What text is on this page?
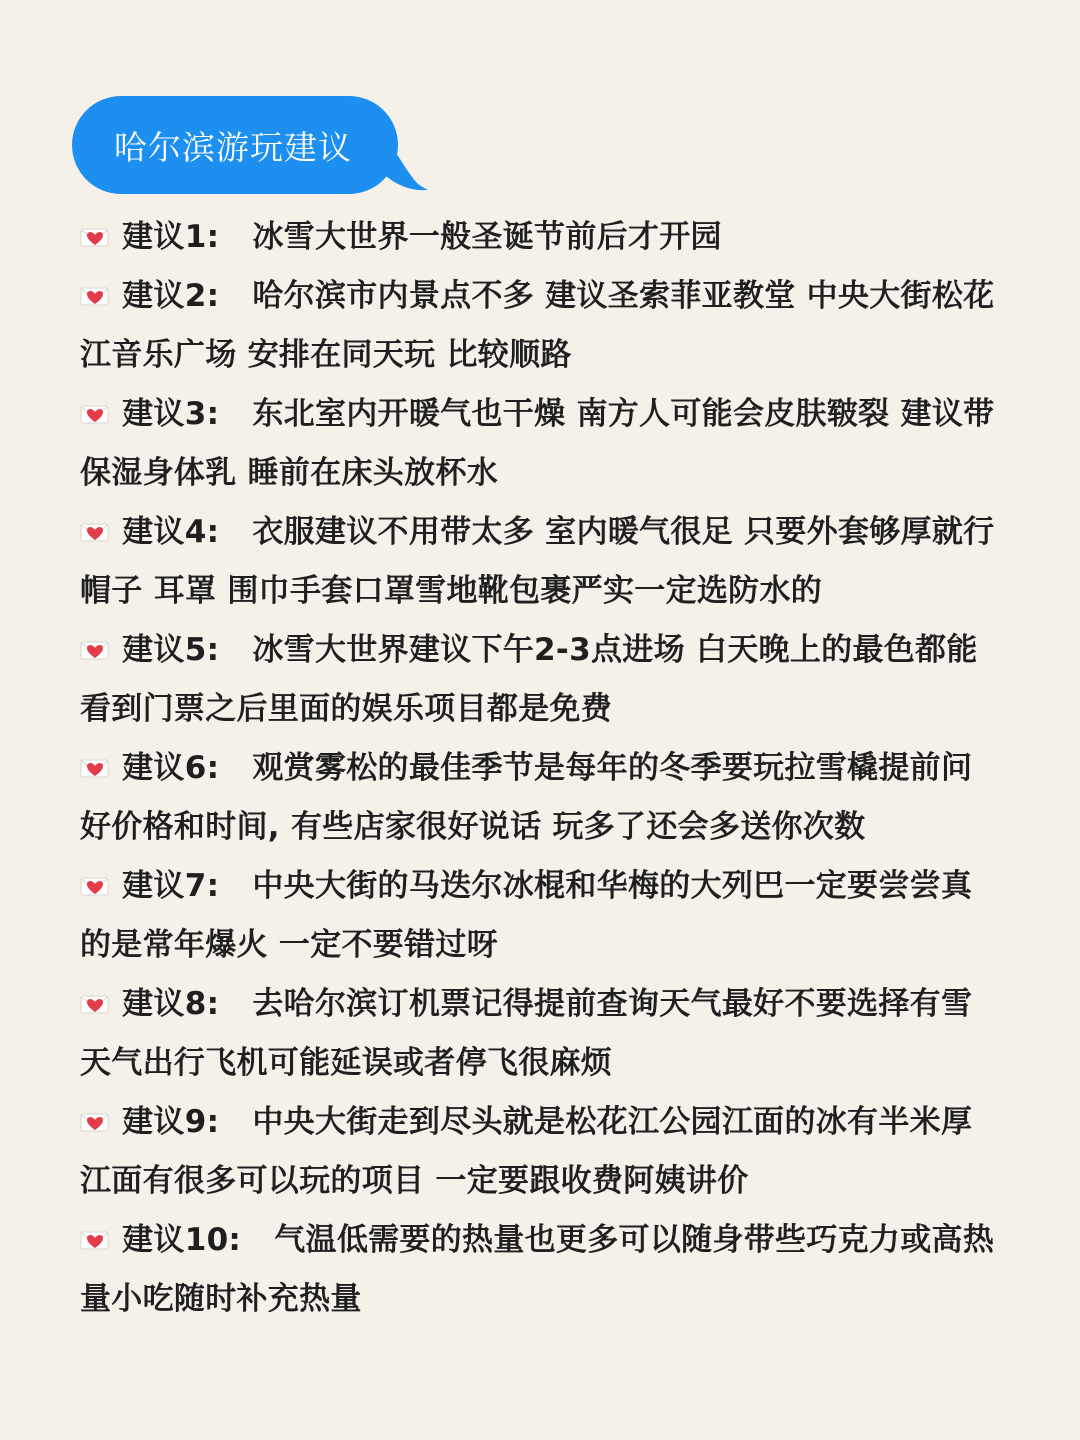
哈尔滨游玩建议

建议1: 冰雪大世界一般圣诞节前后才开园

建议2: 哈尔滨市内景点不多 建议圣索菲亚教堂 中央大街松花江音乐广场 安排在同天玩 比较顺路

建议3: 东北室内开暖气也干燥 南方人可能会皮肤皲裂 建议带保湿身体乳 睡前在床头放杯水

建议4: 衣服建议不用带太多 室内暖气很足 只要外套够厚就行帽子 耳罩 围巾手套口罩雪地靴包裹严实一定选防水的

建议5: 冰雪大世界建议下午2-3点进场 白天晚上的最色都能看到门票之后里面的娱乐项目都是免费

建议6: 观赏雾松的最佳季节是每年的冬季要玩拉雪橇提前问好价格和时间, 有些店家很好说话 玩多了还会多送你次数

建议7: 中央大街的马迭尔冰棍和华梅的大列巴一定要尝尝真的是常年爆火 一定不要错过呀

建议8: 去哈尔滨订机票记得提前查询天气最好不要选择有雪天气出行飞机可能延误或者停飞很麻烦

建议9: 中央大街走到尽头就是松花江公园江面的冰有半米厚江面有很多可以玩的项目 一定要跟收费阿姨讲价

建议10: 气温低需要的热量也更多可以随身带些巧克力或高热量小吃随时补充热量
